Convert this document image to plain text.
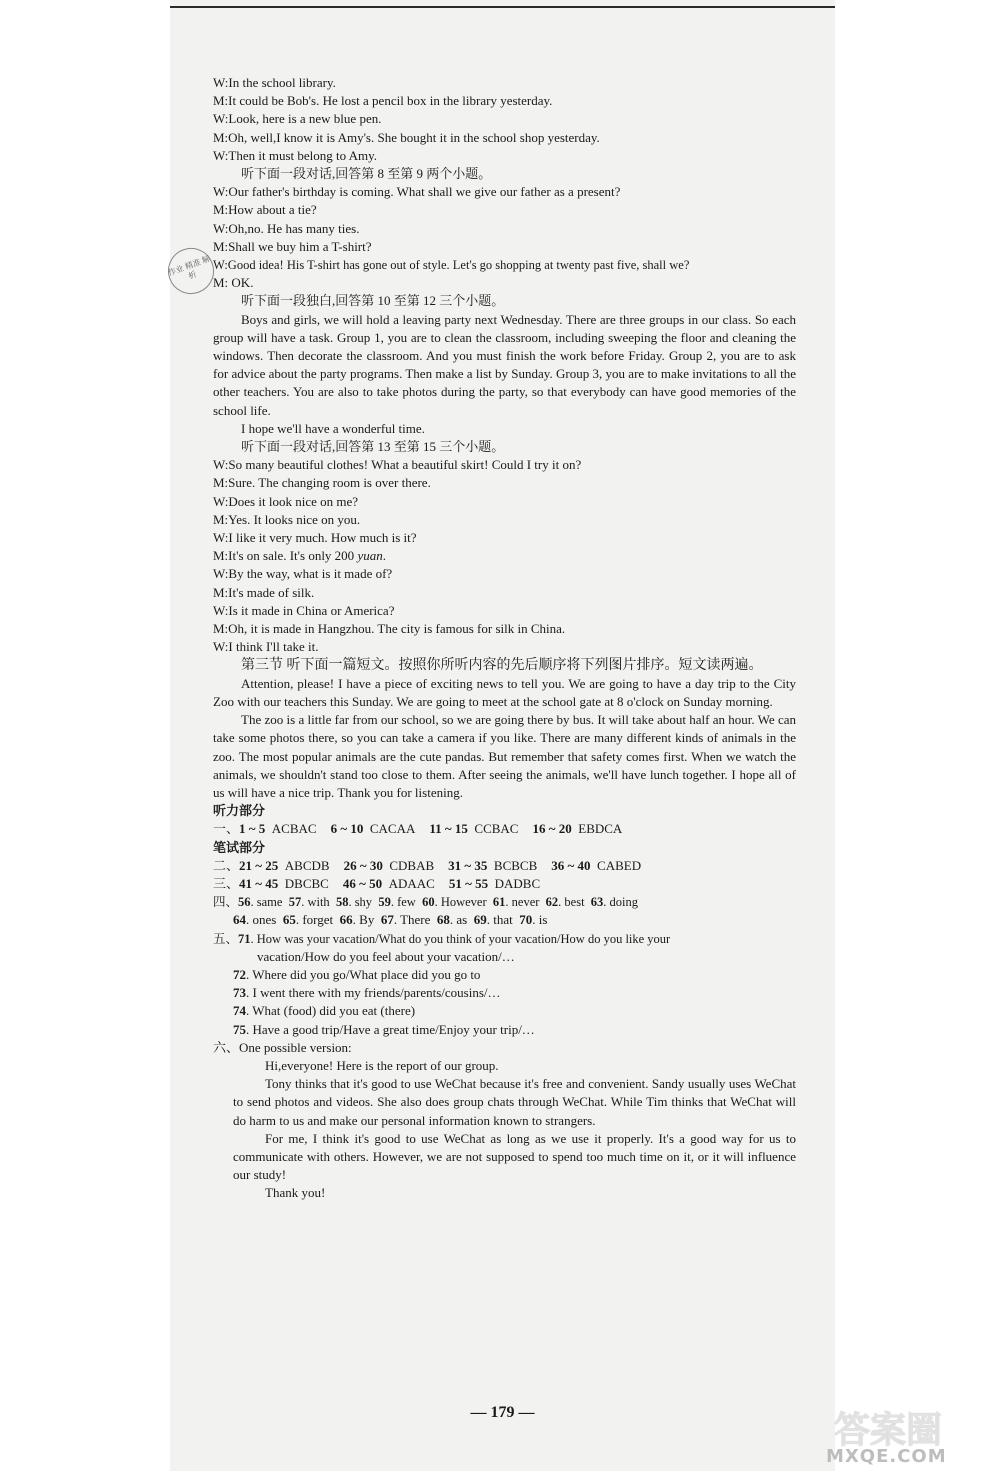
作业 精准 解析

W:In the school library.

M:It could be Bob's. He lost a pencil box in the library yesterday.

W:Look, here is a new blue pen.

M:Oh, well,I know it is Amy's. She bought it in the school shop yesterday.

W:Then it must belong to Amy.

听下面一段对话,回答第 8 至第 9 两个小题。

W:Our father's birthday is coming. What shall we give our father as a present?

M:How about a tie?

W:Oh,no. He has many ties.

M:Shall we buy him a T-shirt?

W:Good idea! His T-shirt has gone out of style. Let's go shopping at twenty past five, shall we?

M: OK.

听下面一段独白,回答第 10 至第 12 三个小题。

Boys and girls, we will hold a leaving party next Wednesday. There are three groups in our class. So each group will have a task. Group 1, you are to clean the classroom, including sweeping the floor and cleaning the windows. Then decorate the classroom. And you must finish the work before Friday. Group 2, you are to ask for advice about the party programs. Then make a list by Sunday. Group 3, you are to make invitations to all the other teachers. You are also to take photos during the party, so that everybody can have good memories of the school life.

I hope we'll have a wonderful time.

听下面一段对话,回答第 13 至第 15 三个小题。

W:So many beautiful clothes! What a beautiful skirt! Could I try it on?

M:Sure. The changing room is over there.

W:Does it look nice on me?

M:Yes. It looks nice on you.

W:I like it very much. How much is it?

M:It's on sale. It's only 200 yuan.

W:By the way, what is it made of?

M:It's made of silk.

W:Is it made in China or America?

M:Oh, it is made in Hangzhou. The city is famous for silk in China.

W:I think I'll take it.

第三节 听下面一篇短文。按照你所听内容的先后顺序将下列图片排序。短文读两遍。

Attention, please! I have a piece of exciting news to tell you. We are going to have a day trip to the City Zoo with our teachers this Sunday. We are going to meet at the school gate at 8 o'clock on Sunday morning.

The zoo is a little far from our school, so we are going there by bus. It will take about half an hour. We can take some photos there, so you can take a camera if you like. There are many different kinds of animals in the zoo. The most popular animals are the cute pandas. But remember that safety comes first. When we watch the animals, we shouldn't stand too close to them. After seeing the animals, we'll have lunch together. I hope all of us will have a nice trip. Thank you for listening.

听力部分

一、1 ~ 5 ACBAC 6 ~ 10 CACAA 11 ~ 15 CCBAC 16 ~ 20 EBDCA

笔试部分

二、21 ~ 25 ABCDB 26 ~ 30 CDBAB 31 ~ 35 BCBCB 36 ~ 40 CABED

三、41 ~ 45 DBCBC 46 ~ 50 ADAAC 51 ~ 55 DADBC

四、56. same 57. with 58. shy 59. few 60. However 61. never 62. best 63. doing

64. ones 65. forget 66. By 67. There 68. as 69. that 70. is

五、71. How was your vacation/What do you think of your vacation/How do you like your

vacation/How do you feel about your vacation/…

72. Where did you go/What place did you go to

73. I went there with my friends/parents/cousins/…

74. What (food) did you eat (there)

75. Have a good trip/Have a great time/Enjoy your trip/…

六、One possible version:

Hi,everyone! Here is the report of our group.

Tony thinks that it's good to use WeChat because it's free and convenient. Sandy usually uses WeChat to send photos and videos. She also does group chats through WeChat. While Tim thinks that WeChat will do harm to us and make our personal information known to strangers.

For me, I think it's good to use WeChat as long as we use it properly. It's a good way for us to communicate with others. However, we are not supposed to spend too much time on it, or it will influence our study!

Thank you!

— 179 —	答案圈
MXQE.COM
